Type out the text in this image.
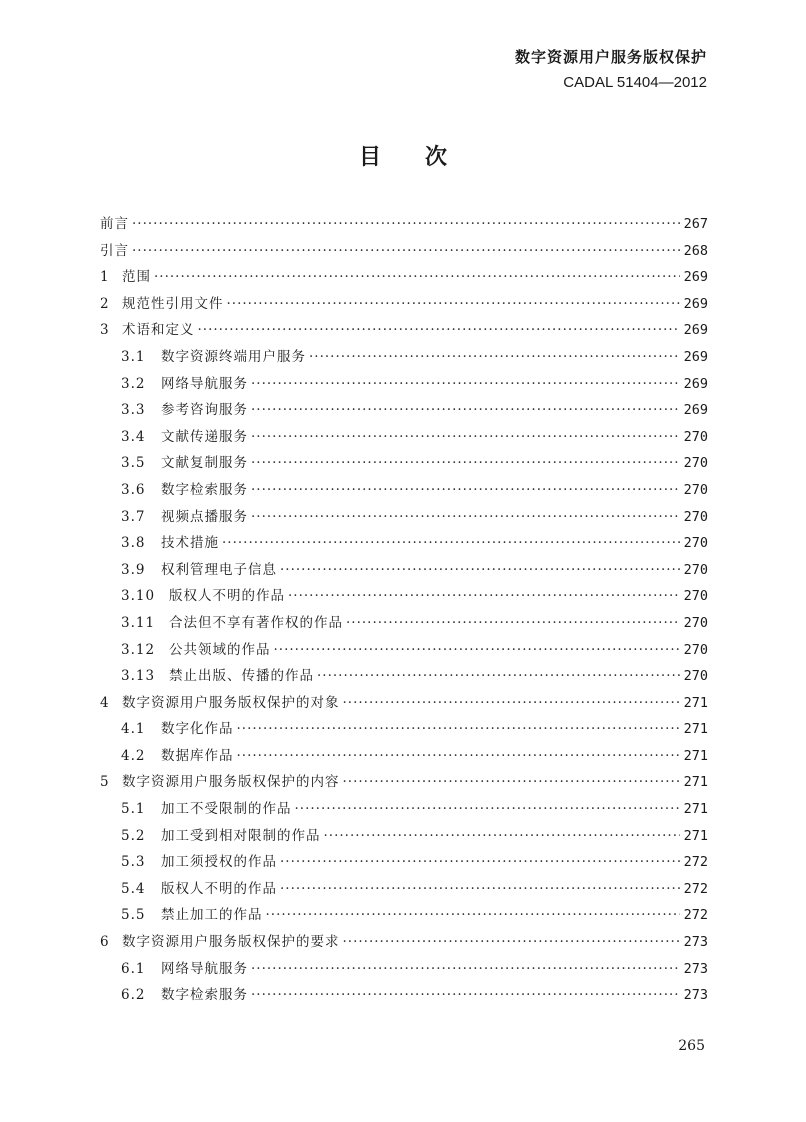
数字资源用户服务版权保护
CADAL 51404—2012
目 次
前言 ·····	267
引言 ·····	268
1 范围 ·····	269
2 规范性引用文件 ·····	269
3 术语和定义 ·····	269
3.1	数字资源终端用户服务 ·····	269
3.2	网络导航服务 ·····	269
3.3	参考咨询服务 ·····	269
3.4	文献传递服务 ·····	270
3.5	文献复制服务 ·····	270
3.6	数字检索服务 ·····	270
3.7	视频点播服务 ·····	270
3.8	技术措施 ·····	270
3.9	权利管理电子信息 ·····	270
3.10	版权人不明的作品 ·····	270
3.11	合法但不享有著作权的作品 ·····	270
3.12	公共领域的作品 ·····	270
3.13	禁止出版、传播的作品 ·····	270
4 数字资源用户服务版权保护的对象 ·····	271
4.1	数字化作品 ·····	271
4.2	数据库作品 ·····	271
5 数字资源用户服务版权保护的内容 ·····	271
5.1	加工不受限制的作品 ·····	271
5.2	加工受到相对限制的作品 ·····	271
5.3	加工须授权的作品 ·····	272
5.4	版权人不明的作品 ·····	272
5.5	禁止加工的作品 ·····	272
6 数字资源用户服务版权保护的要求 ·····	273
6.1	网络导航服务 ·····	273
6.2	数字检索服务 ·····	273
265
